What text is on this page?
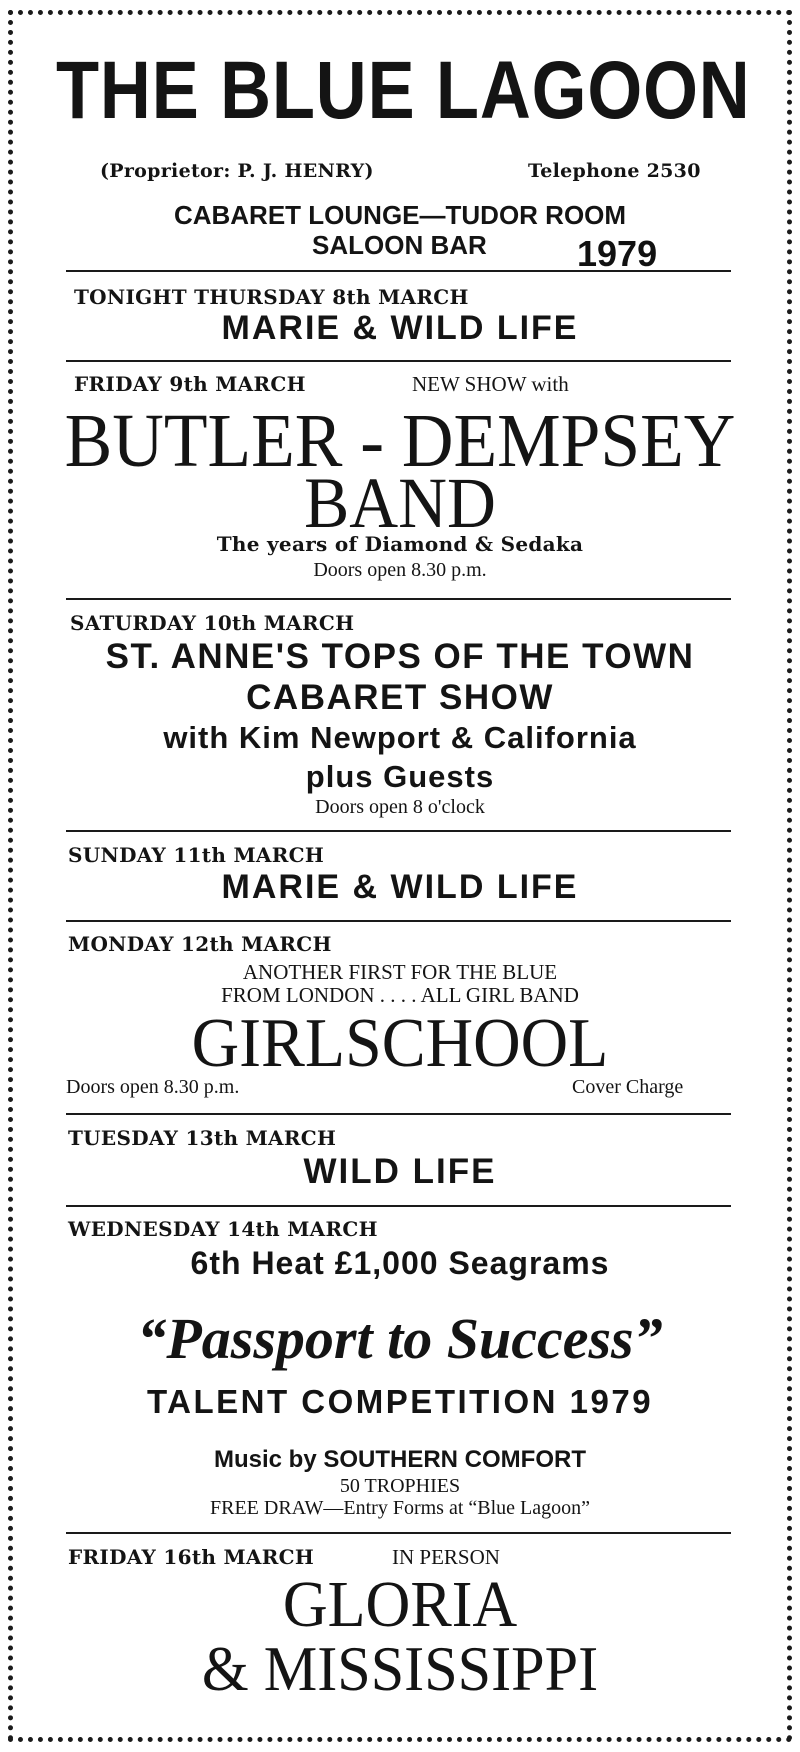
THE BLUE LAGOON
(Proprietor: P. J. HENRY)	Telephone 2530
CABARET LOUNGE—TUDOR ROOM
SALOON BAR	1979
TONIGHT THURSDAY 8th MARCH
MARIE & WILD LIFE
FRIDAY 9th MARCH	NEW SHOW with
BUTLER - DEMPSEY
BAND
The years of Diamond & Sedaka
Doors open 8.30 p.m.
SATURDAY 10th MARCH
ST. ANNE'S TOPS OF THE TOWN
CABARET SHOW
with Kim Newport & California
plus Guests
Doors open 8 o'clock
SUNDAY 11th MARCH
MARIE & WILD LIFE
MONDAY 12th MARCH
ANOTHER FIRST FOR THE BLUE
FROM LONDON . . . . ALL GIRL BAND
GIRLSCHOOL
Doors open 8.30 p.m.	Cover Charge
TUESDAY 13th MARCH
WILD LIFE
WEDNESDAY 14th MARCH
6th Heat £1,000 Seagrams
“Passport to Success”
TALENT COMPETITION 1979
Music by SOUTHERN COMFORT
50 TROPHIES
FREE DRAW—Entry Forms at “Blue Lagoon”
FRIDAY 16th MARCH	IN PERSON
GLORIA
& MISSISSIPPI
